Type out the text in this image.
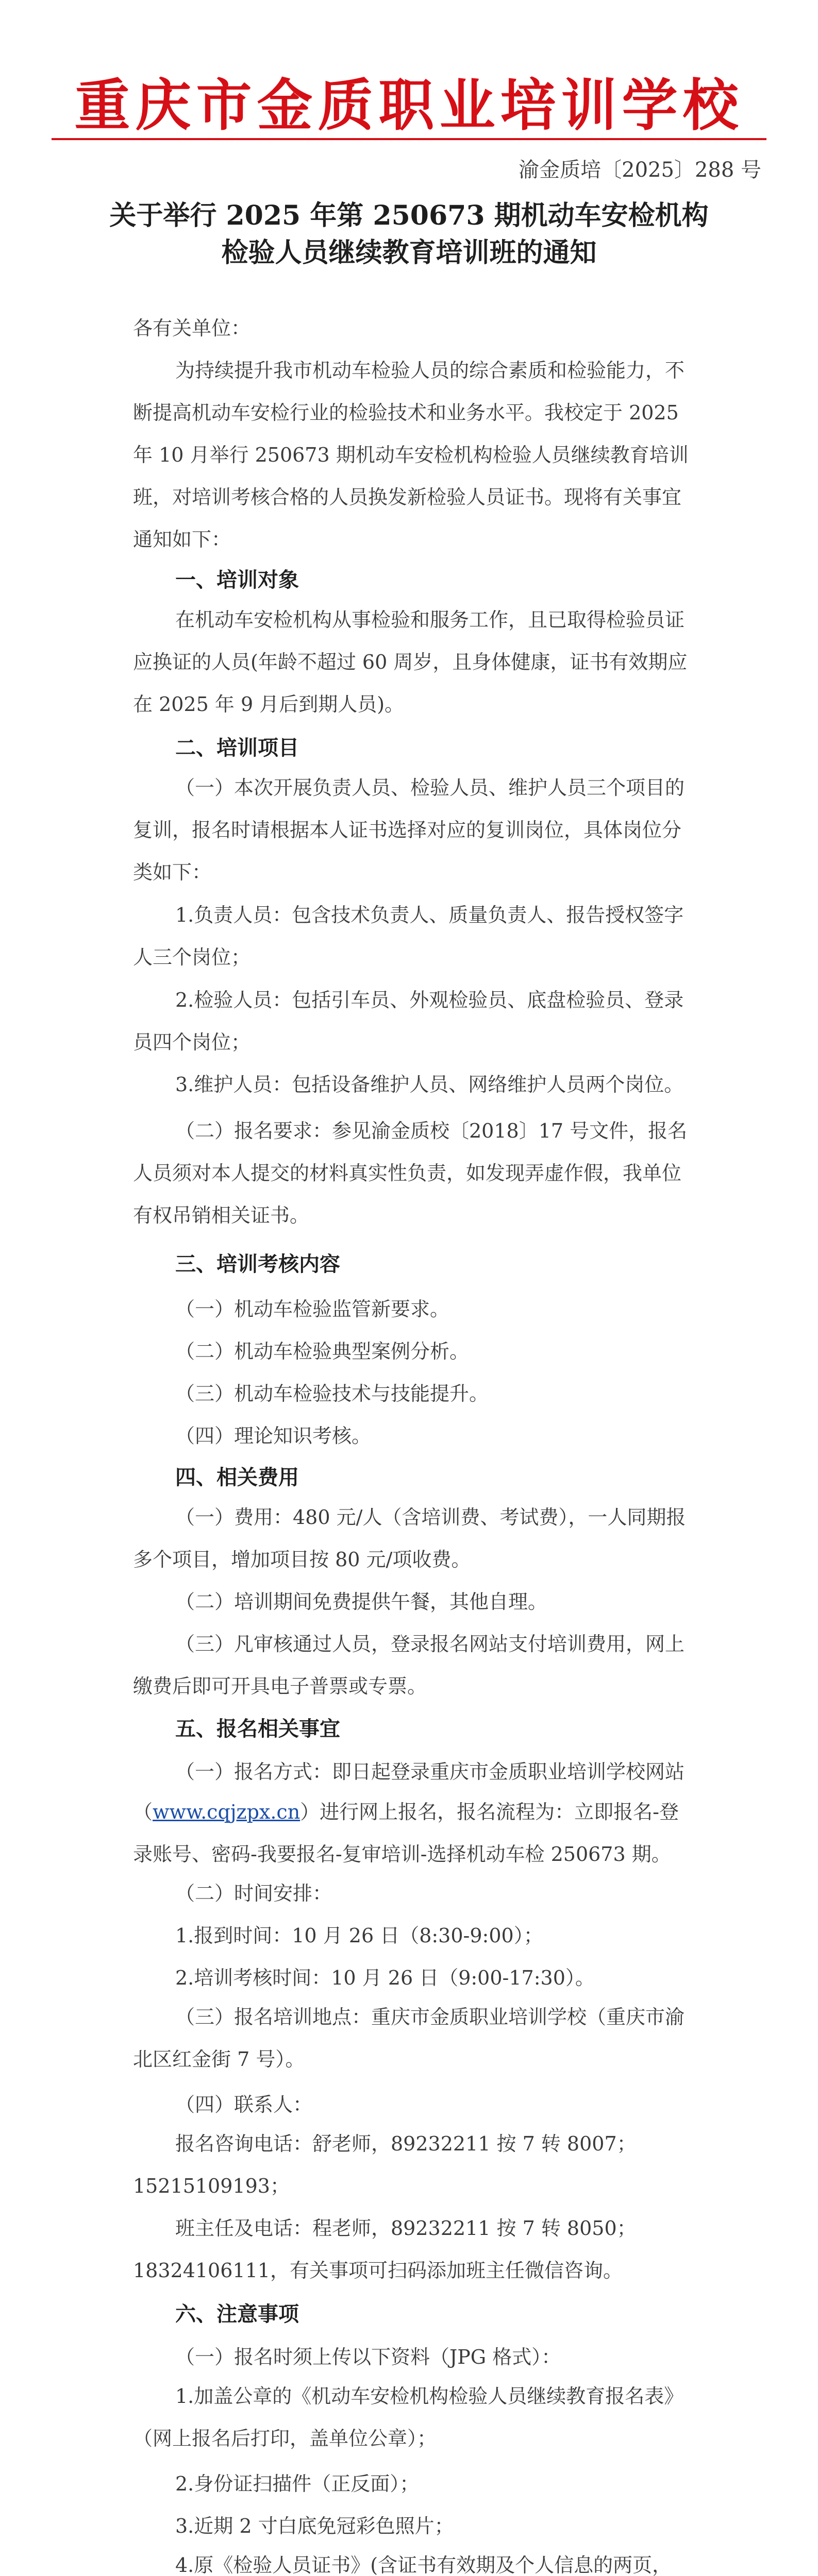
重庆市金质职业培训学校
渝金质培〔2025〕288 号
关于举行 2025 年第 250673 期机动车安检机构
检验人员继续教育培训班的通知
各有关单位：
为持续提升我市机动车检验人员的综合素质和检验能力，不断提高机动车安检行业的检验技术和业务水平。我校定于 2025 年 10 月举行 250673 期机动车安检机构检验人员继续教育培训班，对培训考核合格的人员换发新检验人员证书。现将有关事宜通知如下：
一、培训对象
在机动车安检机构从事检验和服务工作，且已取得检验员证应换证的人员(年龄不超过 60 周岁，且身体健康，证书有效期应在 2025 年 9 月后到期人员)。
二、培训项目
（一）本次开展负责人员、检验人员、维护人员三个项目的复训，报名时请根据本人证书选择对应的复训岗位，具体岗位分类如下：
1.负责人员：包含技术负责人、质量负责人、报告授权签字人三个岗位；
2.检验人员：包括引车员、外观检验员、底盘检验员、登录员四个岗位；
3.维护人员：包括设备维护人员、网络维护人员两个岗位。
（二）报名要求：参见渝金质校〔2018〕17 号文件，报名人员须对本人提交的材料真实性负责，如发现弄虚作假，我单位有权吊销相关证书。
三、培训考核内容
（一）机动车检验监管新要求。
（二）机动车检验典型案例分析。
（三）机动车检验技术与技能提升。
（四）理论知识考核。
四、相关费用
（一）费用：480 元/人（含培训费、考试费），一人同期报多个项目，增加项目按 80 元/项收费。
（二）培训期间免费提供午餐，其他自理。
（三）凡审核通过人员，登录报名网站支付培训费用，网上缴费后即可开具电子普票或专票。
五、报名相关事宜
（一）报名方式：即日起登录重庆市金质职业培训学校网站
（www.cqjzpx.cn）进行网上报名，报名流程为：立即报名-登录账号、密码-我要报名-复审培训-选择机动车检 250673 期。
（二）时间安排：
1.报到时间：10 月 26 日（8:30-9:00）；
2.培训考核时间：10 月 26 日（9:00-17:30）。
（三）报名培训地点：重庆市金质职业培训学校（重庆市渝北区红金街 7 号）。
（四）联系人：
报名咨询电话：舒老师，89232211 按 7 转 8007；15215109193；
班主任及电话：程老师，89232211 按 7 转 8050；18324106111，有关事项可扫码添加班主任微信咨询。
六、注意事项
（一）报名时须上传以下资料（JPG 格式）：
1.加盖公章的《机动车安检机构检验人员继续教育报名表》（网上报名后打印，盖单位公章）；
2.身份证扫描件（正反面）；
3.近期 2 寸白底免冠彩色照片；
4.原《检验人员证书》(含证书有效期及个人信息的两页，
